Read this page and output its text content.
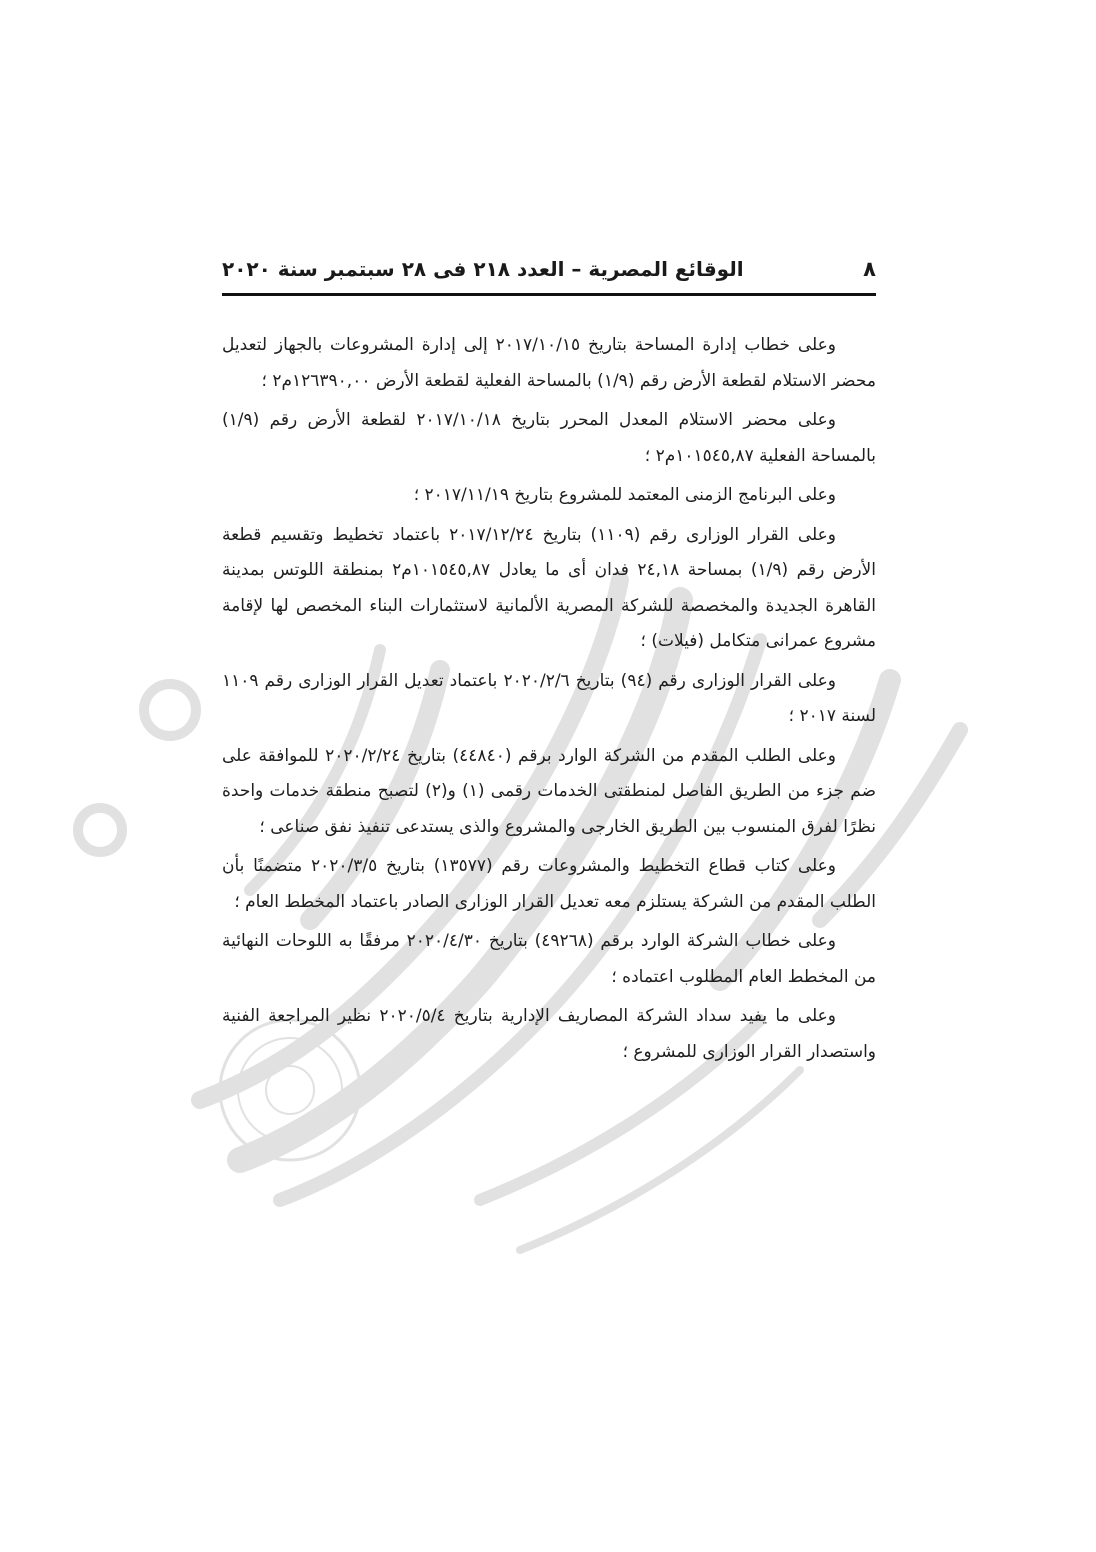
٨
الوقائع المصرية – العدد ٢١٨ فى ٢٨ سبتمبر سنة ٢٠٢٠

وعلى خطاب إدارة المساحة بتاريخ ٢٠١٧/١٠/١٥ إلى إدارة المشروعات بالجهاز لتعديل محضر الاستلام لقطعة الأرض رقم (١/٩) بالمساحة الفعلية لقطعة الأرض ١٢٦٣٩٠,٠٠م٢ ؛

وعلى محضر الاستلام المعدل المحرر بتاريخ ٢٠١٧/١٠/١٨ لقطعة الأرض رقم (١/٩) بالمساحة الفعلية ١٠١٥٤٥,٨٧م٢ ؛

وعلى البرنامج الزمنى المعتمد للمشروع بتاريخ ٢٠١٧/١١/١٩ ؛

وعلى القرار الوزارى رقم (١١٠٩) بتاريخ ٢٠١٧/١٢/٢٤ باعتماد تخطيط وتقسيم قطعة الأرض رقم (١/٩) بمساحة ٢٤,١٨ فدان أى ما يعادل ١٠١٥٤٥,٨٧م٢ بمنطقة اللوتس بمدينة القاهرة الجديدة والمخصصة للشركة المصرية الألمانية لاستثمارات البناء المخصص لها لإقامة مشروع عمرانى متكامل (فيلات) ؛

وعلى القرار الوزارى رقم (٩٤) بتاريخ ٢٠٢٠/٢/٦ باعتماد تعديل القرار الوزارى رقم ١١٠٩ لسنة ٢٠١٧ ؛

وعلى الطلب المقدم من الشركة الوارد برقم (٤٤٨٤٠) بتاريخ ٢٠٢٠/٢/٢٤ للموافقة على ضم جزء من الطريق الفاصل لمنطقتى الخدمات رقمى (١) و(٢) لتصبح منطقة خدمات واحدة نظرًا لفرق المنسوب بين الطريق الخارجى والمشروع والذى يستدعى تنفيذ نفق صناعى ؛

وعلى كتاب قطاع التخطيط والمشروعات رقم (١٣٥٧٧) بتاريخ ٢٠٢٠/٣/٥ متضمنًا بأن الطلب المقدم من الشركة يستلزم معه تعديل القرار الوزارى الصادر باعتماد المخطط العام ؛

وعلى خطاب الشركة الوارد برقم (٤٩٢٦٨) بتاريخ ٢٠٢٠/٤/٣٠ مرفقًا به اللوحات النهائية من المخطط العام المطلوب اعتماده ؛

وعلى ما يفيد سداد الشركة المصاريف الإدارية بتاريخ ٢٠٢٠/٥/٤ نظير المراجعة الفنية واستصدار القرار الوزارى للمشروع ؛
